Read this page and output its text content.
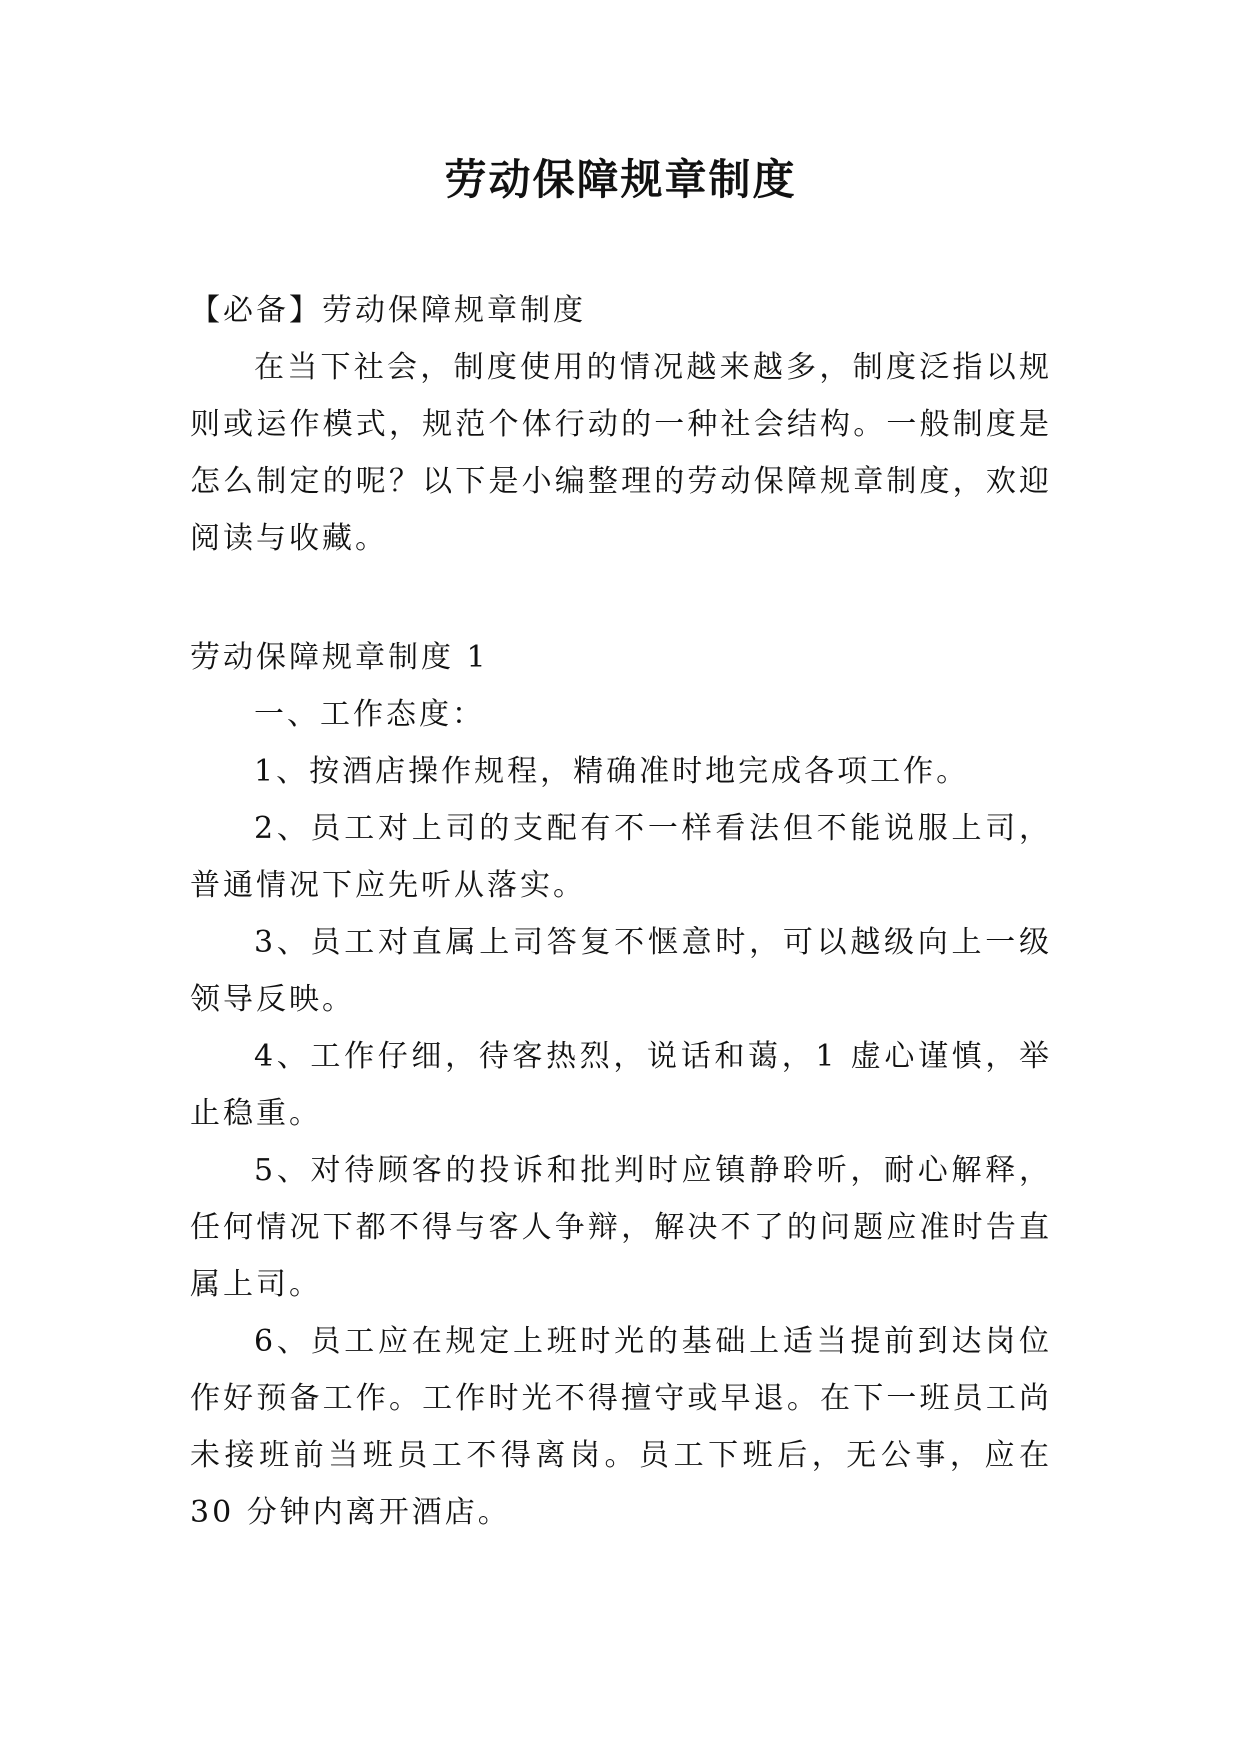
劳动保障规章制度

【必备】劳动保障规章制度

在当下社会，制度使用的情况越来越多，制度泛指以规则或运作模式，规范个体行动的一种社会结构。一般制度是怎么制定的呢？以下是小编整理的劳动保障规章制度，欢迎阅读与收藏。

劳动保障规章制度 1

一、工作态度：

1、按酒店操作规程，精确准时地完成各项工作。

2、员工对上司的支配有不一样看法但不能说服上司，普通情况下应先听从落实。

3、员工对直属上司答复不惬意时，可以越级向上一级领导反映。

4、工作仔细，待客热烈，说话和蔼，1 虚心谨慎，举止稳重。

5、对待顾客的投诉和批判时应镇静聆听，耐心解释，任何情况下都不得与客人争辩，解决不了的问题应准时告直属上司。

6、员工应在规定上班时光的基础上适当提前到达岗位作好预备工作。工作时光不得擅守或早退。在下一班员工尚未接班前当班员工不得离岗。员工下班后，无公事，应在 30 分钟内离开酒店。
